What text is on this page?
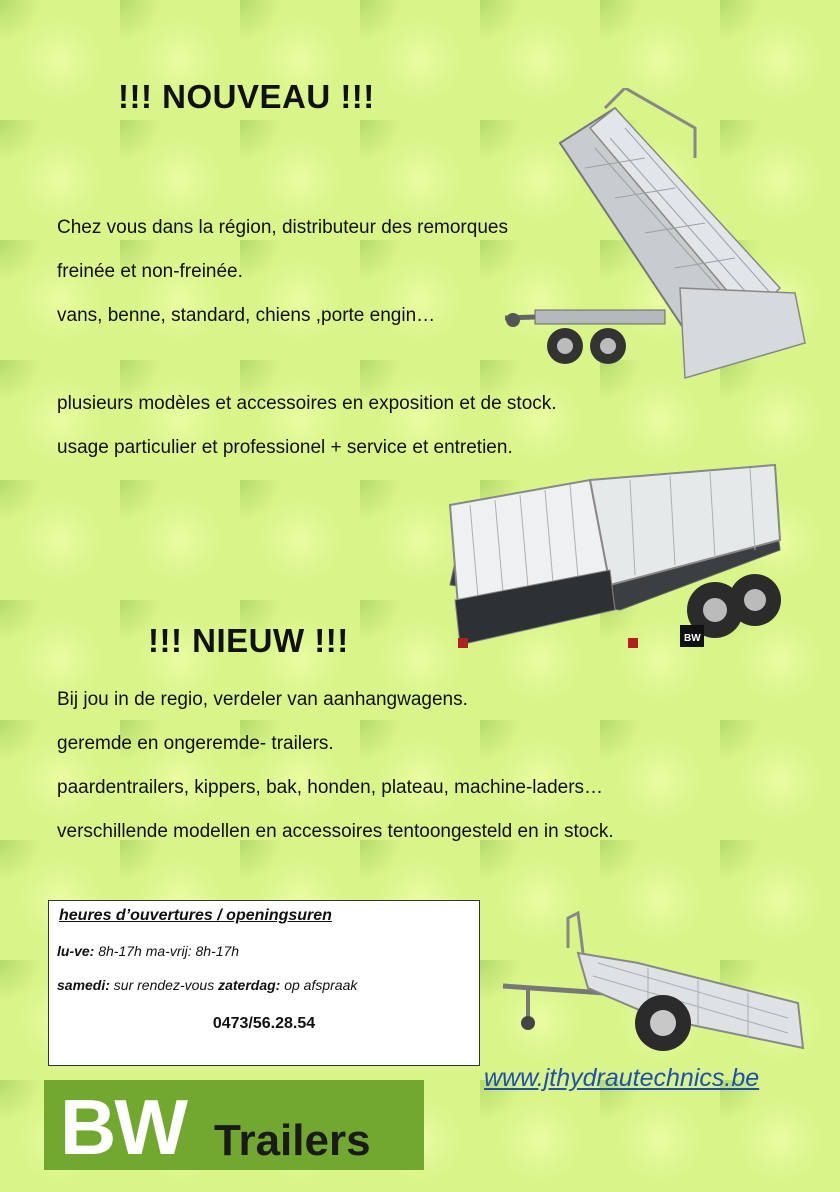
!!! NOUVEAU !!!
Chez vous dans la région, distributeur des remorques
freinée et non-freinée.
vans, benne, standard, chiens ,porte engin…

plusieurs modèles et accessoires en exposition et de stock.
usage particulier et professionel + service et entretien.
BW
!!! NIEUW !!!
Bij jou in de regio, verdeler van aanhangwagens.
geremde en ongeremde- trailers.
paardentrailers, kippers, bak, honden, plateau, machine-laders…
verschillende modellen en accessoires tentoongesteld en in stock.
heures d’ouvertures / openingsuren
lu-ve: 8h-17h ma-vrij: 8h-17h
samedi: sur rendez-vous zaterdag: op afspraak
0473/56.28.54
www.jthydrautechnics.be
BW Trailers
